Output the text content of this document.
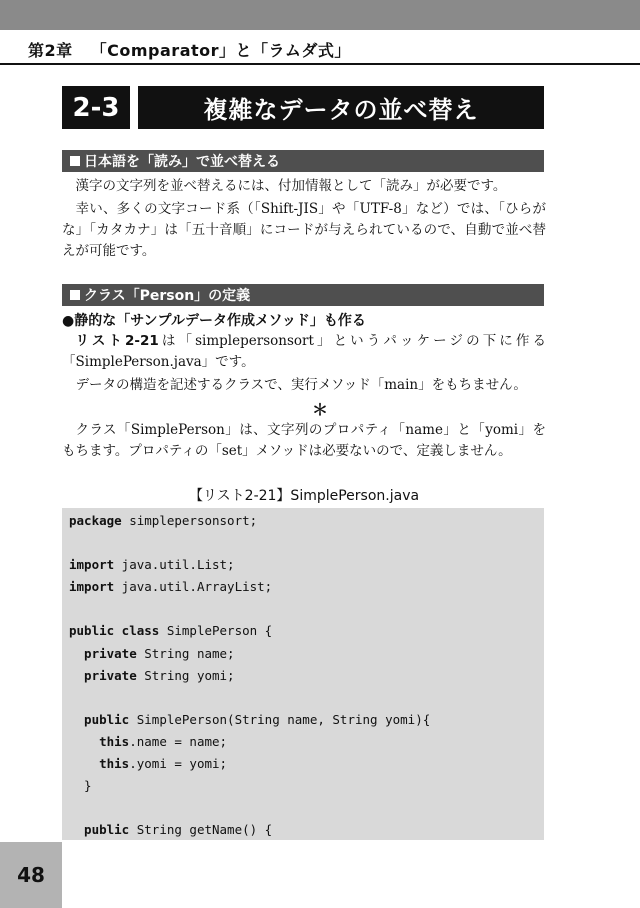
第2章 「Comparator」と「ラムダ式」
2-3	複雑なデータの並べ替え
日本語を「読み」で並べ替える

漢字の文字列を並べ替えるには、付加情報として「読み」が必要です。

幸い、多くの文字コード系（「Shift-JIS」や「UTF-8」など）では、「ひらがな」「カタカナ」は「五十音順」にコードが与えられているので、自動で並べ替えが可能です。

クラス「Person」の定義
●静的な「サンプルデータ作成メソッド」も作る

リスト2-21は「simplepersonsort」というパッケージの下に作る「SimplePerson.java」です。

データの構造を記述するクラスで、実行メソッド「main」をもちません。

＊

クラス「SimplePerson」は、文字列のプロパティ「name」と「yomi」をもちます。プロパティの「set」メソッドは必要ないので、定義しません。

【リスト2-21】SimplePerson.java
package simplepersonsort;
import java.util.List;
import java.util.ArrayList;
public class SimplePerson {
private String name;
private String yomi;
public SimplePerson(String name, String yomi){
this.name = name;
this.yomi = yomi;
}
public String getName() {
48
